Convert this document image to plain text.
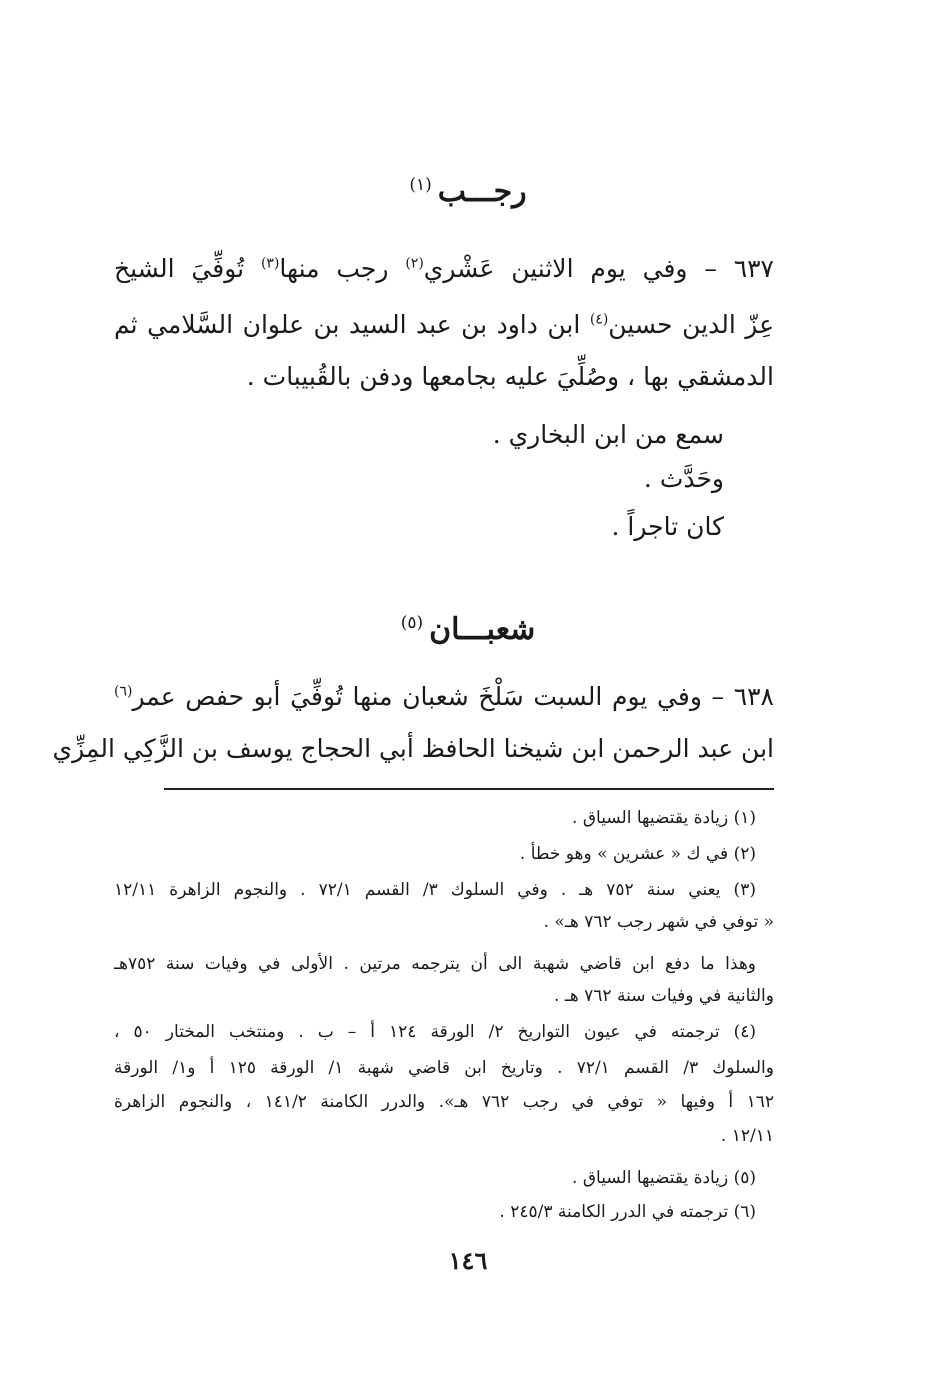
رجـــب$^{(١)}$
٦٣٧ – وفي يوم الاثنين عَشْري$^{(٢)}$ رجب منها$^{(٣)}$ تُوفِّيَ الشيخ
عِزّ الدين حسين$^{(٤)}$ ابن داود بن عبد السيد بن علوان السَّلامي ثم
الدمشقي بها ، وصُلِّيَ عليه بجامعها ودفن بالقُبيبات .
سمع من ابن البخاري .
وحَدَّث .
كان تاجراً .
شعبـــان$^{(٥)}$
٦٣٨ – وفي يوم السبت سَلْخَ شعبان منها تُوفِّيَ أبو حفص عمر$^{(٦)}$
ابن عبد الرحمن ابن شيخنا الحافظ أبي الحجاج يوسف بن الزَّكِي المِزِّي
(١) زيادة يقتضيها السياق .
(٢) في ك « عشرين » وهو خطأ .
(٣) يعني سنة ٧٥٢ هـ . وفي السلوك ٣/ القسم ٧٢/١ . والنجوم الزاهرة ١٢/١١
« توفي في شهر رجب ٧٦٢ هـ» .
وهذا ما دفع ابن قاضي شهبة الى أن يترجمه مرتين . الأولى في وفيات سنة ٧٥٢هـ
والثانية في وفيات سنة ٧٦٢ هـ .
(٤) ترجمته في عيون التواريخ ٢/ الورقة ١٢٤ أ – ب . ومنتخب المختار ٥٠ ،
والسلوك ٣/ القسم ٧٢/١ . وتاريخ ابن قاضي شهبة ١/ الورقة ١٢٥ أ و١/ الورقة
١٦٢ أ وفيها « توفي في رجب ٧٦٢ هـ». والدرر الكامنة ١٤١/٢ ، والنجوم الزاهرة
١٢/١١ .
(٥) زيادة يقتضيها السياق .
(٦) ترجمته في الدرر الكامنة ٢٤٥/٣ .
١٤٦
